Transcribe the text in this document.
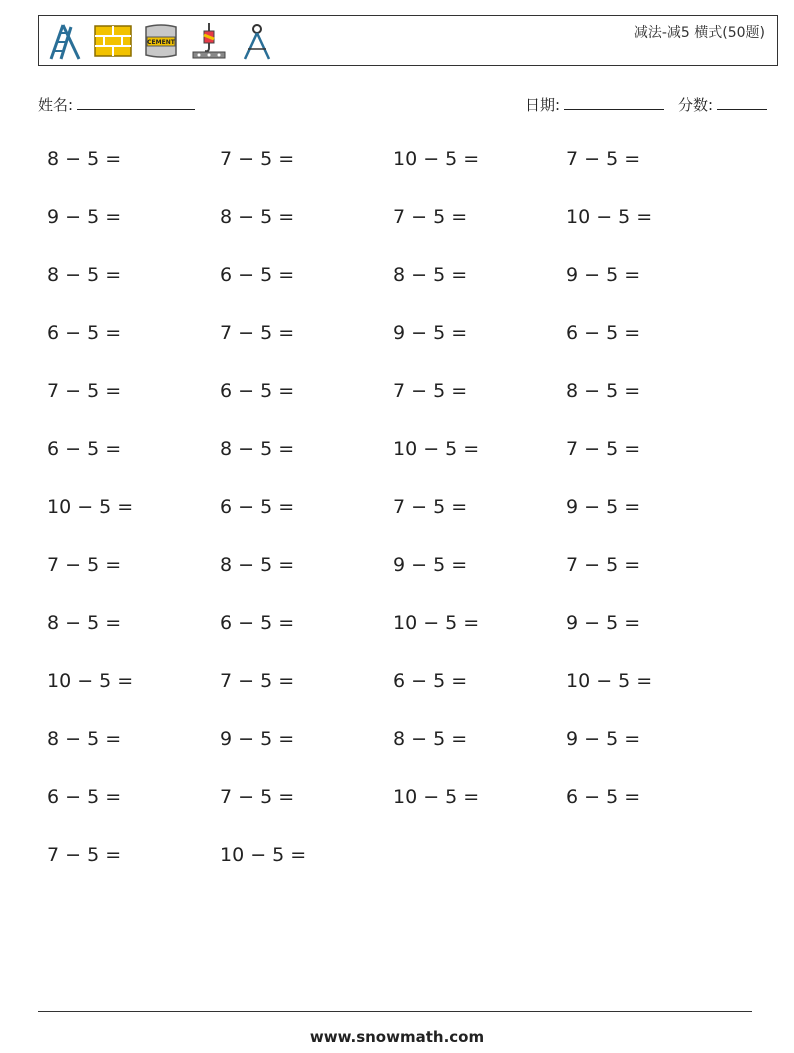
CEMENT
减法-减5 横式(50题)
姓名:	日期:	分数:
8 − 5 =	7 − 5 =	10 − 5 =	7 − 5 =
9 − 5 =	8 − 5 =	7 − 5 =	10 − 5 =
8 − 5 =	6 − 5 =	8 − 5 =	9 − 5 =
6 − 5 =	7 − 5 =	9 − 5 =	6 − 5 =
7 − 5 =	6 − 5 =	7 − 5 =	8 − 5 =
6 − 5 =	8 − 5 =	10 − 5 =	7 − 5 =
10 − 5 =	6 − 5 =	7 − 5 =	9 − 5 =
7 − 5 =	8 − 5 =	9 − 5 =	7 − 5 =
8 − 5 =	6 − 5 =	10 − 5 =	9 − 5 =
10 − 5 =	7 − 5 =	6 − 5 =	10 − 5 =
8 − 5 =	9 − 5 =	8 − 5 =	9 − 5 =
6 − 5 =	7 − 5 =	10 − 5 =	6 − 5 =
7 − 5 =	10 − 5 =
www.snowmath.com
